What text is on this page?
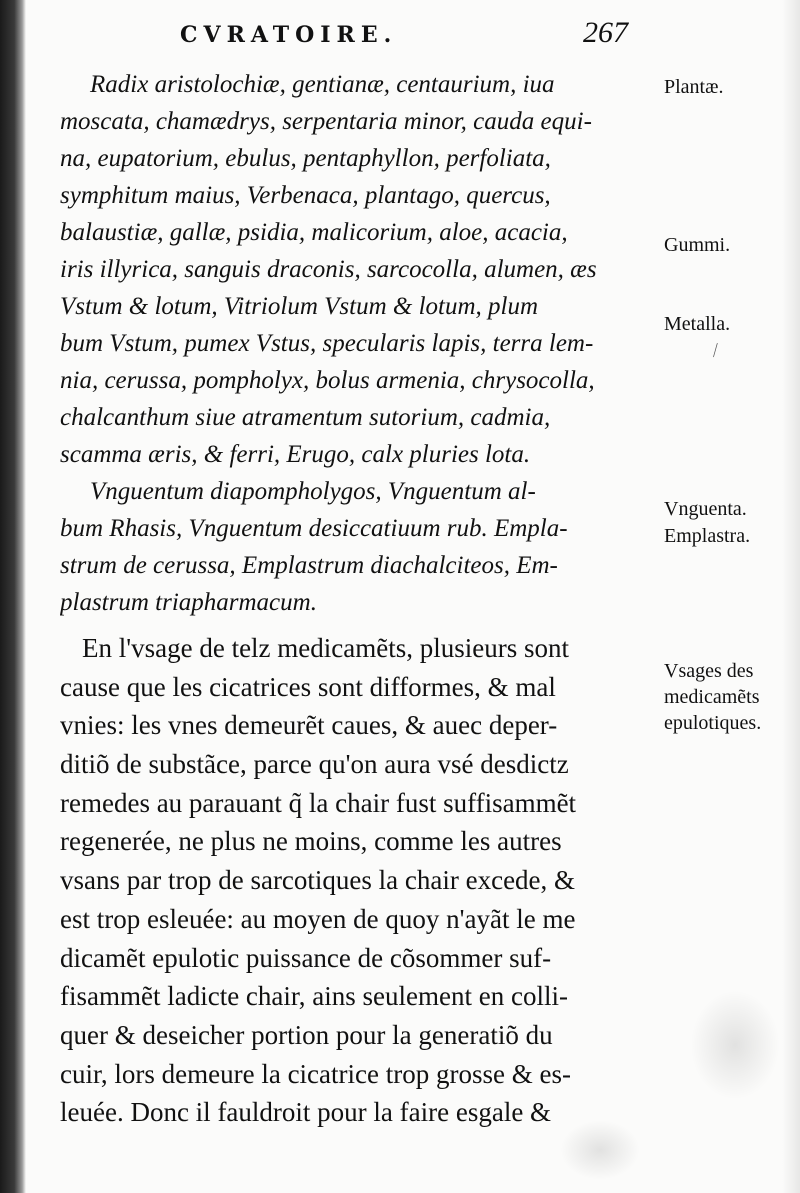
CVRATOIRE.	267
Radix aristolochiæ, gentianæ, centaurium, iua
moscata, chamædrys, serpentaria minor, cauda equi-
na, eupatorium, ebulus, pentaphyllon, perfoliata,
symphitum maius, Verbenaca, plantago, quercus,
balaustiæ, gallæ, psidia, malicorium, aloe, acacia,
iris illyrica, sanguis draconis, sarcocolla, alumen, æs
Vstum & lotum, Vitriolum Vstum & lotum, plum
bum Vstum, pumex Vstus, specularis lapis, terra lem-
nia, cerussa, pompholyx, bolus armenia, chrysocolla,
chalcanthum siue atramentum sutorium, cadmia,
scamma æris, & ferri, Erugo, calx pluries lota.
Vnguentum diapompholygos, Vnguentum al-
bum Rhasis, Vnguentum desiccatiuum rub. Empla-
strum de cerussa, Emplastrum diachalciteos, Em-
plastrum triapharmacum.
En l'vsage de telz medicamẽts, plusieurs sont
cause que les cicatrices sont difformes, & mal
vnies: les vnes demeurẽt caues, & auec deper-
ditiõ de substãce, parce qu'on aura vsé desdictz
remedes au parauant q̃ la chair fust suffisammẽt
regenerée, ne plus ne moins, comme les autres
vsans par trop de sarcotiques la chair excede, &
est trop esleuée: au moyen de quoy n'ayãt le me
dicamẽt epulotic puissance de cõsommer suf-
fisammẽt ladicte chair, ains seulement en colli-
quer & deseicher portion pour la generatiõ du
cuir, lors demeure la cicatrice trop grosse & es-
leuée. Donc il fauldroit pour la faire esgale &
Plantæ.
Gummi.
Metalla.
⁄
Vnguenta.
Emplastra.
Vsages des
medicamẽts
epulotiques.
